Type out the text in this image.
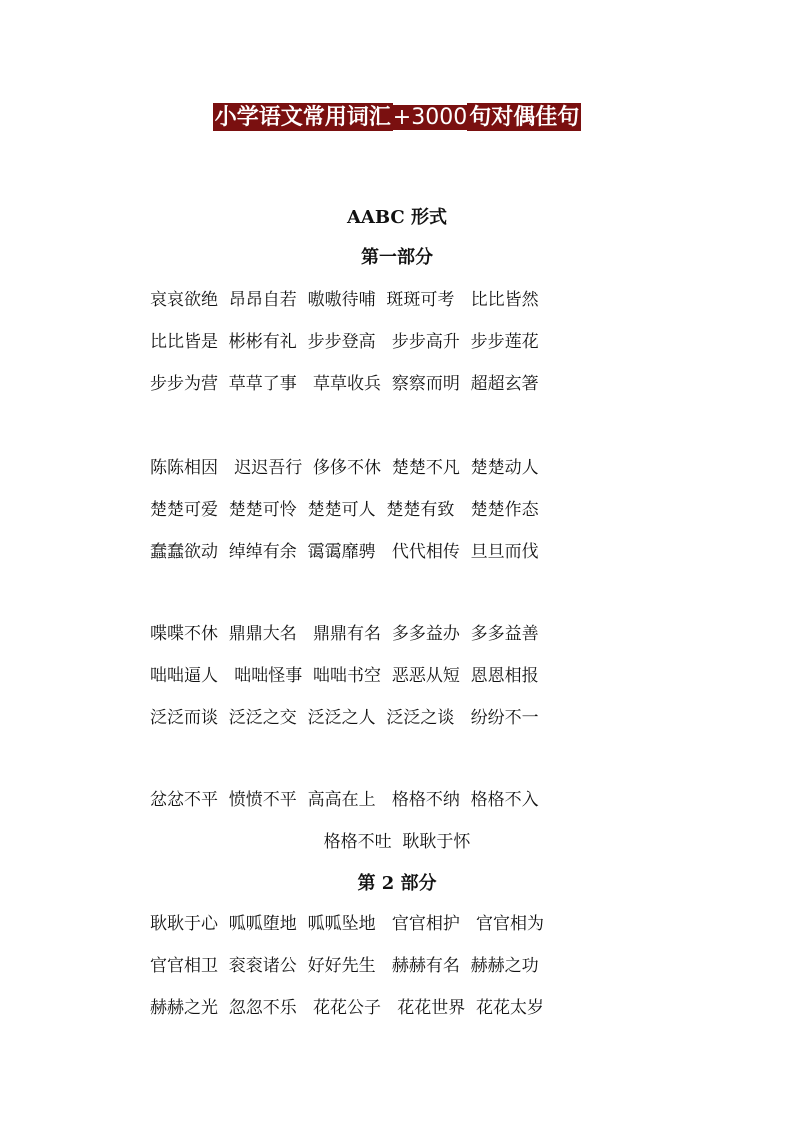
小学语文常用词汇+3000句对偶佳句
AABC 形式
第一部分
哀哀欲绝  昂昂自若  嗷嗷待哺  斑斑可考   比比皆然
比比皆是  彬彬有礼  步步登高   步步高升  步步莲花
步步为营  草草了事   草草收兵  察察而明  超超玄箸
陈陈相因   迟迟吾行  侈侈不休  楚楚不凡  楚楚动人
楚楚可爱  楚楚可怜  楚楚可人  楚楚有致   楚楚作态
蠢蠢欲动  绰绰有余  霭霭靡骋   代代相传  旦旦而伐
喋喋不休  鼎鼎大名   鼎鼎有名  多多益办  多多益善
咄咄逼人   咄咄怪事  咄咄书空  恶恶从短  恩恩相报
泛泛而谈  泛泛之交  泛泛之人  泛泛之谈   纷纷不一
忿忿不平  愤愤不平  高高在上   格格不纳  格格不入
格格不吐  耿耿于怀
第 2 部分
耿耿于心  呱呱堕地  呱呱坠地   官官相护   官官相为
官官相卫  衮衮诸公  好好先生   赫赫有名  赫赫之功
赫赫之光  忽忽不乐   花花公子   花花世界  花花太岁
